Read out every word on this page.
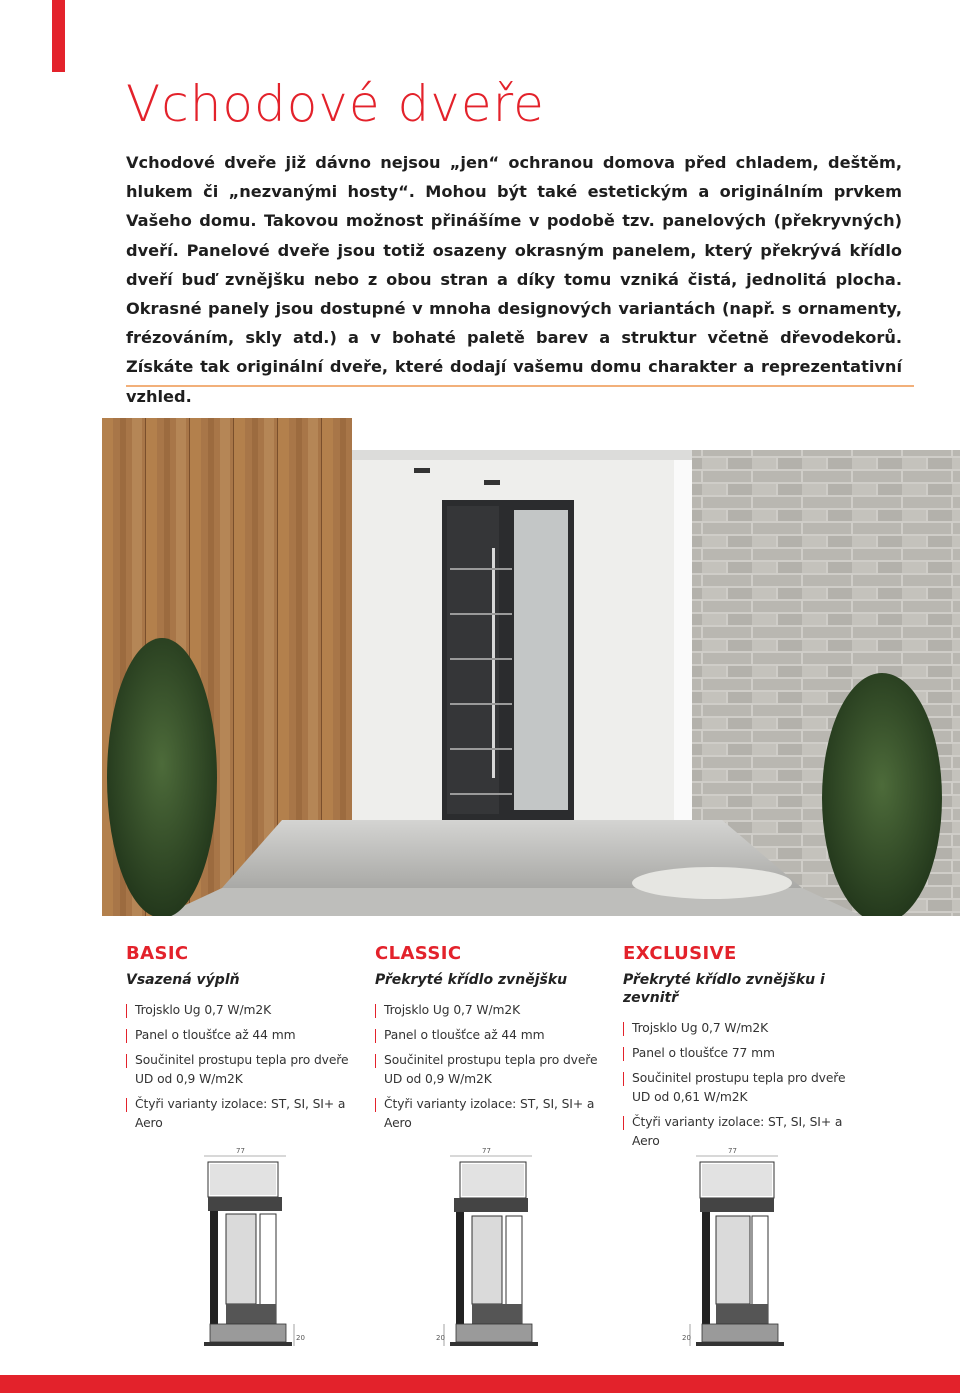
Vchodové dveře

Vchodové dveře již dávno nejsou „jen“ ochranou domova před chladem, deštěm, hlukem či „nezvanými hosty“. Mohou být také estetickým a originálním prvkem Vašeho domu. Takovou možnost přinášíme v podobě tzv. panelových (překryvných) dveří. Panelové dveře jsou totiž osazeny okrasným panelem, který překrývá křídlo dveří buď zvnějšku nebo z obou stran a díky tomu vzniká čistá, jednolitá plocha. Okrasné panely jsou dostupné v mnoha designových variantách (např. s ornamenty, frézováním, skly atd.) a v bohaté paletě barev a struktur včetně dřevodekorů. Získáte tak originální dveře, které dodají vašemu domu charakter a reprezentativní vzhled.

BASIC
Vsazená výplň
Trojsklo Ug 0,7 W/m2K
Panel o tloušťce až 44 mm
Součinitel prostupu tepla pro dveře UD od 0,9 W/m2K
Čtyři varianty izolace: ST, SI, SI+ a Aero
CLASSIC
Překryté křídlo zvnějšku
Trojsklo Ug 0,7 W/m2K
Panel o tloušťce až 44 mm
Součinitel prostupu tepla pro dveře UD od 0,9 W/m2K
Čtyři varianty izolace: ST, SI, SI+ a Aero
EXCLUSIVE
Překryté křídlo zvnějšku i zevnitř
Trojsklo Ug 0,7 W/m2K
Panel o tloušťce 77 mm
Součinitel prostupu tepla pro dveře UD od 0,61 W/m2K
Čtyři varianty izolace: ST, SI, SI+ a Aero
77
20
77
20
77
20
